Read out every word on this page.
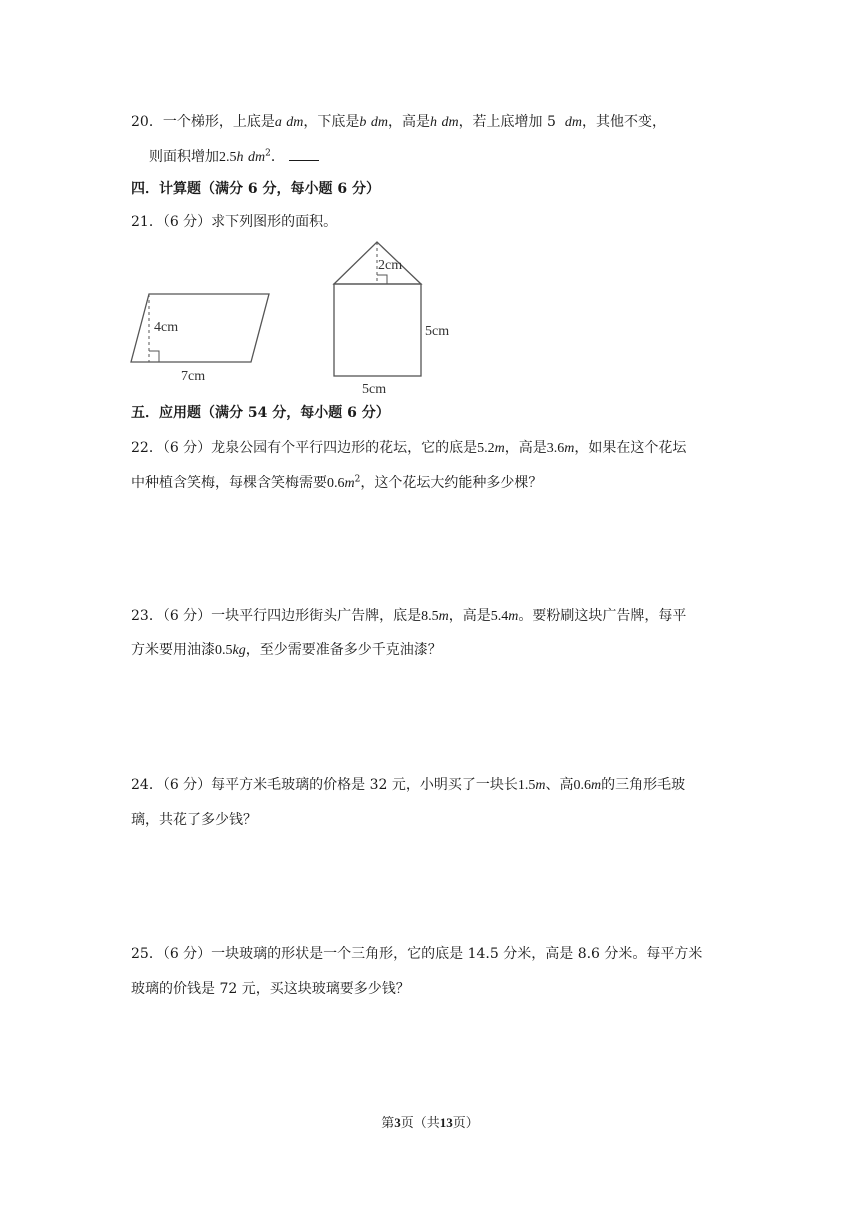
20．一个梯形，上底是a dm，下底是b dm，高是h dm，若上底增加 5 dm，其他不变，
则面积增加2.5h $dm^2$．
四．计算题（满分 6 分，每小题 6 分）
21．（6 分）求下列图形的面积。
4cm
7cm
2cm
5cm
5cm
五．应用题（满分 54 分，每小题 6 分）
22．（6 分）龙泉公园有个平行四边形的花坛，它的底是5.2m，高是3.6m，如果在这个花坛
中种植含笑梅，每棵含笑梅需要$0.6m^2$，这个花坛大约能种多少棵？
23．（6 分）一块平行四边形街头广告牌，底是8.5m，高是5.4m。要粉刷这块广告牌，每平
方米要用油漆0.5kg，至少需要准备多少千克油漆？
24．（6 分）每平方米毛玻璃的价格是 32 元，小明买了一块长1.5m、高0.6m的三角形毛玻
璃，共花了多少钱？
25．（6 分）一块玻璃的形状是一个三角形，它的底是 14.5 分米，高是 8.6 分米。每平方米
玻璃的价钱是 72 元，买这块玻璃要多少钱？
第3页（共13页）
